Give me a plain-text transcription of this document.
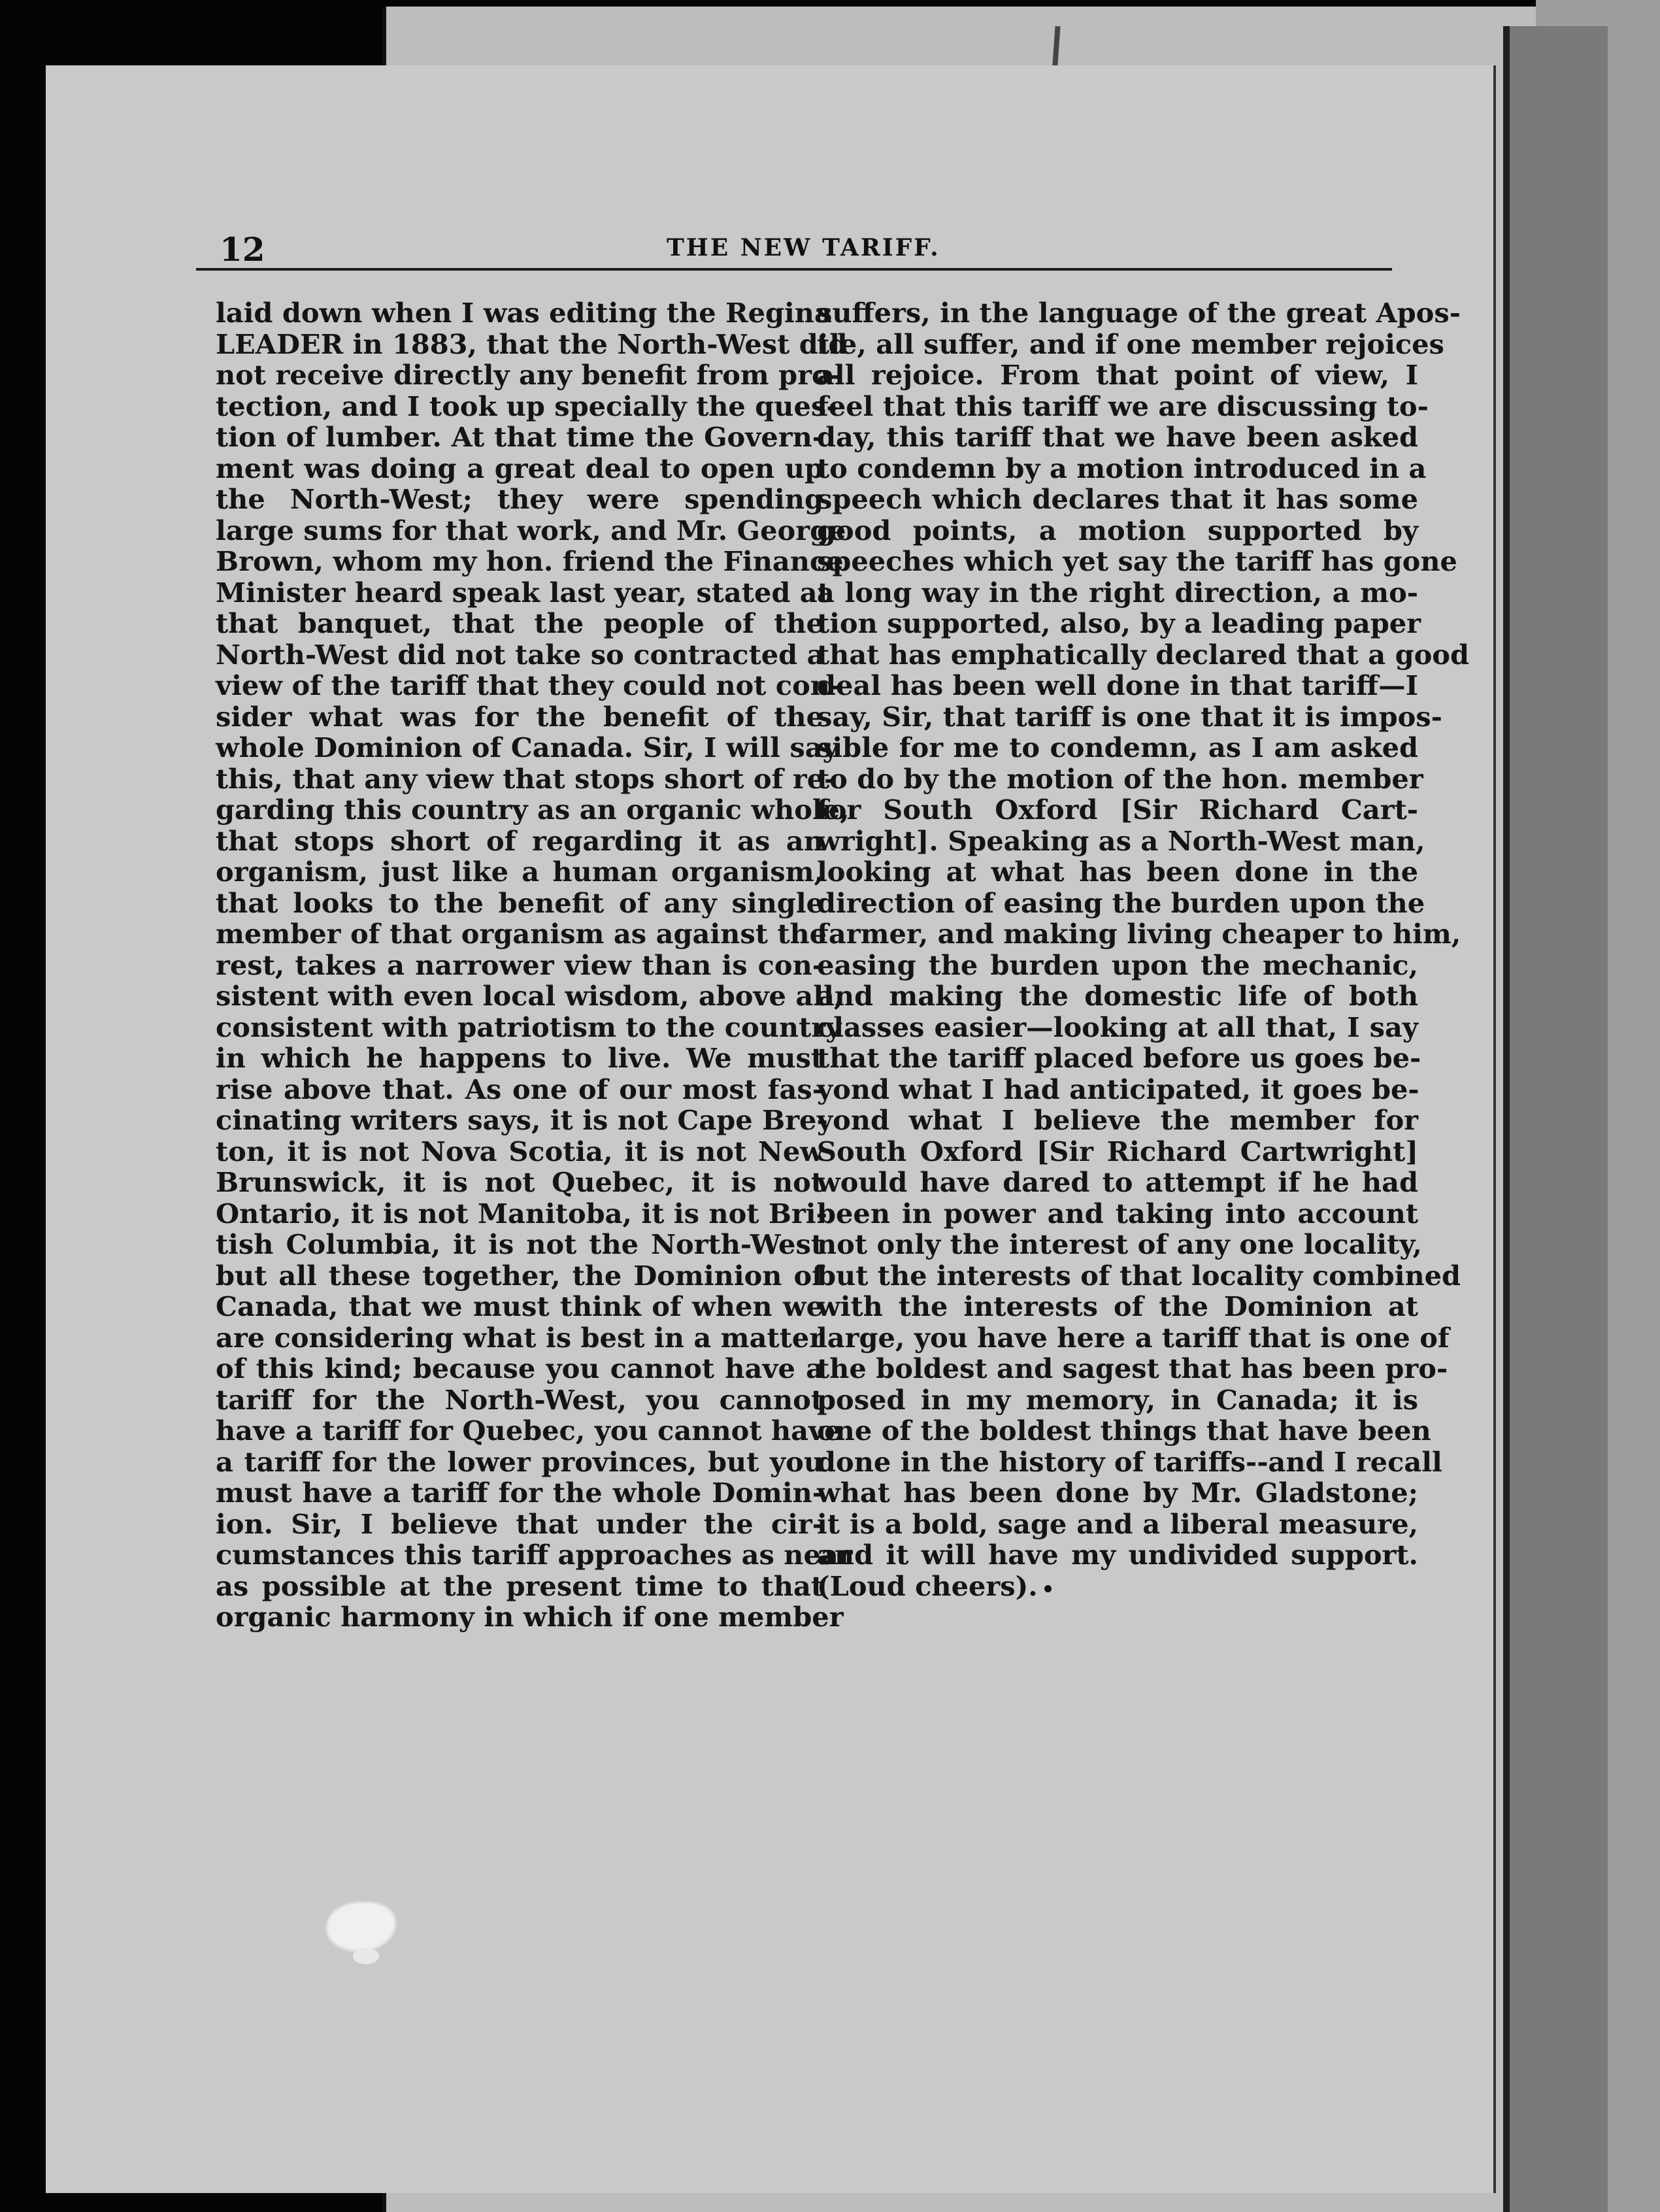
12	THE NEW TARIFF.
laid down when I was editing the Regina
LEADER in 1883, that the North-West did
not receive directly any benefit from pro-
tection, and I took up specially the ques-
tion of lumber. At that time the Govern-
ment was doing a great deal to open up
the North-West; they were spending
large sums for that work, and Mr. George
Brown, whom my hon. friend the Finance
Minister heard speak last year, stated at
that banquet, that the people of the
North-West did not take so contracted a
view of the tariff that they could not con-
sider what was for the benefit of the
whole Dominion of Canada. Sir, I will say
this, that any view that stops short of re-
garding this country as an organic whole,
that stops short of regarding it as an
organism, just like a human organism,
that looks to the benefit of any single
member of that organism as against the
rest, takes a narrower view than is con-
sistent with even local wisdom, above all,
consistent with patriotism to the country
in which he happens to live. We must
rise above that. As one of our most fas-
cinating writers says, it is not Cape Bre-
ton, it is not Nova Scotia, it is not New
Brunswick, it is not Quebec, it is not
Ontario, it is not Manitoba, it is not Bri-
tish Columbia, it is not the North-West
but all these together, the Dominion of
Canada, that we must think of when we
are considering what is best in a matter
of this kind; because you cannot have a
tariff for the North-West, you cannot
have a tariff for Quebec, you cannot have
a tariff for the lower provinces, but you
must have a tariff for the whole Domin-
ion. Sir, I believe that under the cir-
cumstances this tariff approaches as near
as possible at the present time to that
organic harmony in which if one member
suffers, in the language of the great Apos-
tle, all suffer, and if one member rejoices
all rejoice. From that point of view, I
feel that this tariff we are discussing to-
day, this tariff that we have been asked
to condemn by a motion introduced in a
speech which declares that it has some
good points, a motion supported by
speeches which yet say the tariff has gone
a long way in the right direction, a mo-
tion supported, also, by a leading paper
that has emphatically declared that a good
deal has been well done in that tariff—I
say, Sir, that tariff is one that it is impos-
sible for me to condemn, as I am asked
to do by the motion of the hon. member
for South Oxford [Sir Richard Cart-
wright]. Speaking as a North-West man,
looking at what has been done in the
direction of easing the burden upon the
farmer, and making living cheaper to him,
easing the burden upon the mechanic,
and making the domestic life of both
classes easier—looking at all that, I say
that the tariff placed before us goes be-
yond what I had anticipated, it goes be-
yond what I believe the member for
South Oxford [Sir Richard Cartwright]
would have dared to attempt if he had
been in power and taking into account
not only the interest of any one locality,
but the interests of that locality combined
with the interests of the Dominion at
large, you have here a tariff that is one of
the boldest and sagest that has been pro-
posed in my memory, in Canada; it is
one of the boldest things that have been
done in the history of tariffs--and I recall
what has been done by Mr. Gladstone;
it is a bold, sage and a liberal measure,
and it will have my undivided support.
(Loud cheers).
